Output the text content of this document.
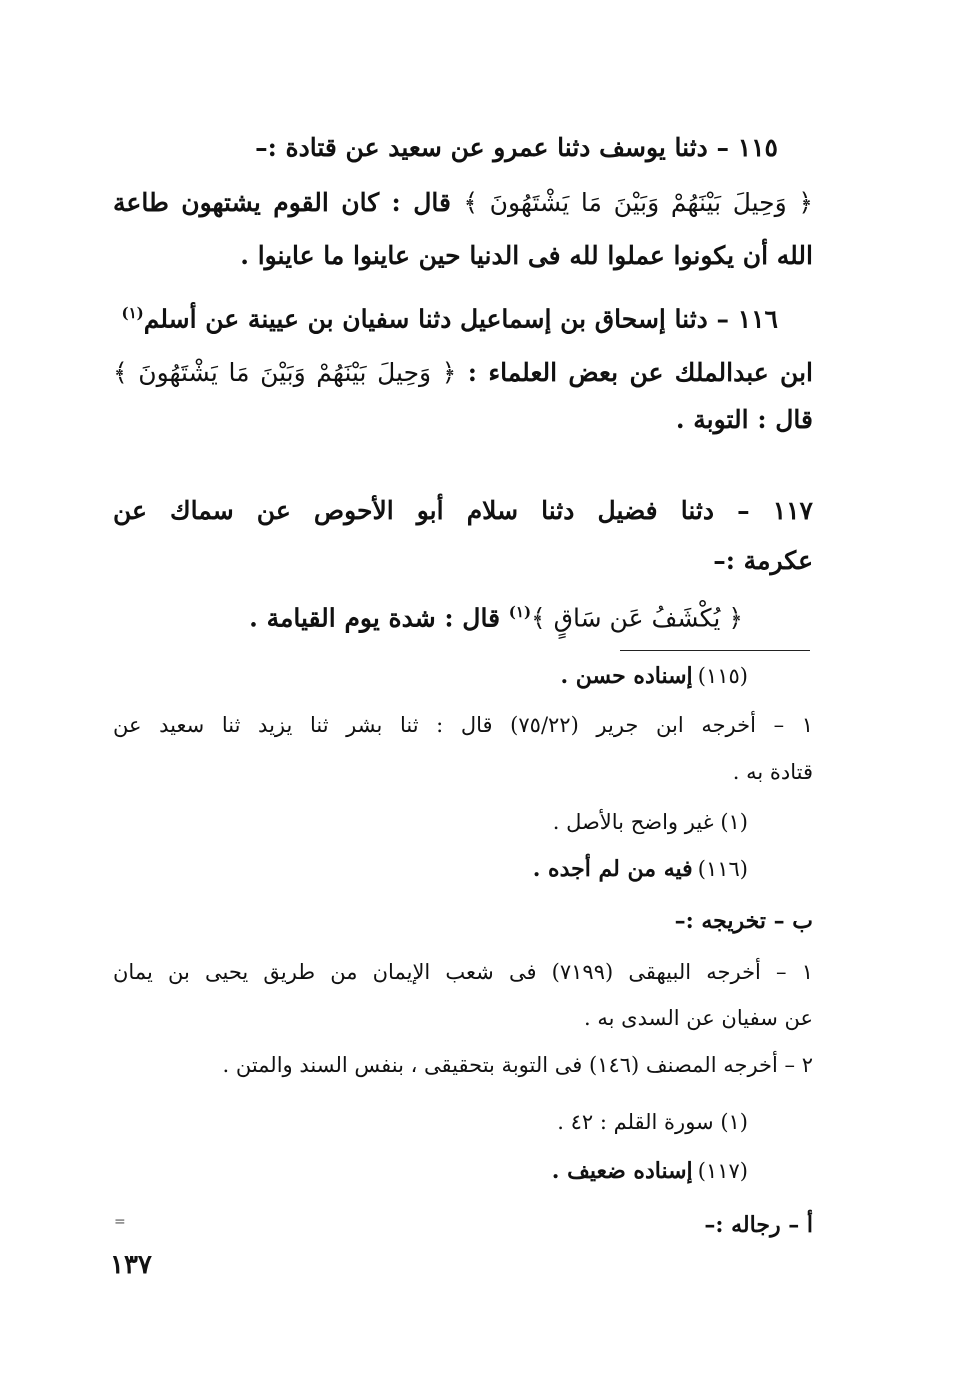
١١٥ – دثنا يوسف دثنا عمرو عن سعيد عن قتادة :–
﴿ وَحِيلَ بَيْنَهُمْ وَبَيْنَ مَا يَشْتَهُونَ ﴾ قال : كان القوم يشتهون طاعة
الله أن يكونوا عملوا لله فى الدنيا حين عاينوا ما عاينوا .
١١٦ – دثنا إسحاق بن إسماعيل دثنا سفيان بن عيينة عن أسلم$^{(١)}$
ابن عبدالملك عن بعض العلماء : ﴿ وَحِيلَ بَيْنَهُمْ وَبَيْنَ مَا يَشْتَهُونَ ﴾
قال : التوبة .
١١٧ – دثنا فضيل دثنا سلام أبو الأحوص عن سماك عن
عكرمة :–
﴿ يُكْشَفُ عَن سَاقٍ ﴾$^{(١)}$ قال : شدة يوم القيامة .
(١١٥) إسناده حسن .
١ – أخرجه ابن جرير (٧٥/٢٢) قال : ثنا بشر ثنا يزيد ثنا سعيد عن
قتادة به .
(١) غير واضح بالأصل .
(١١٦) فيه من لم أجده .
ب – تخريجه :–
١ – أخرجه البيهقى (٧١٩٩) فى شعب الإيمان من طريق يحيى بن يمان
عن سفيان عن السدى به .
٢ – أخرجه المصنف (١٤٦) فى التوبة بتحقيقى ، بنفس السند والمتن .
(١) سورة القلم : ٤٢ .
(١١٧) إسناده ضعيف .
أ – رجاله :–
=
١٣٧
